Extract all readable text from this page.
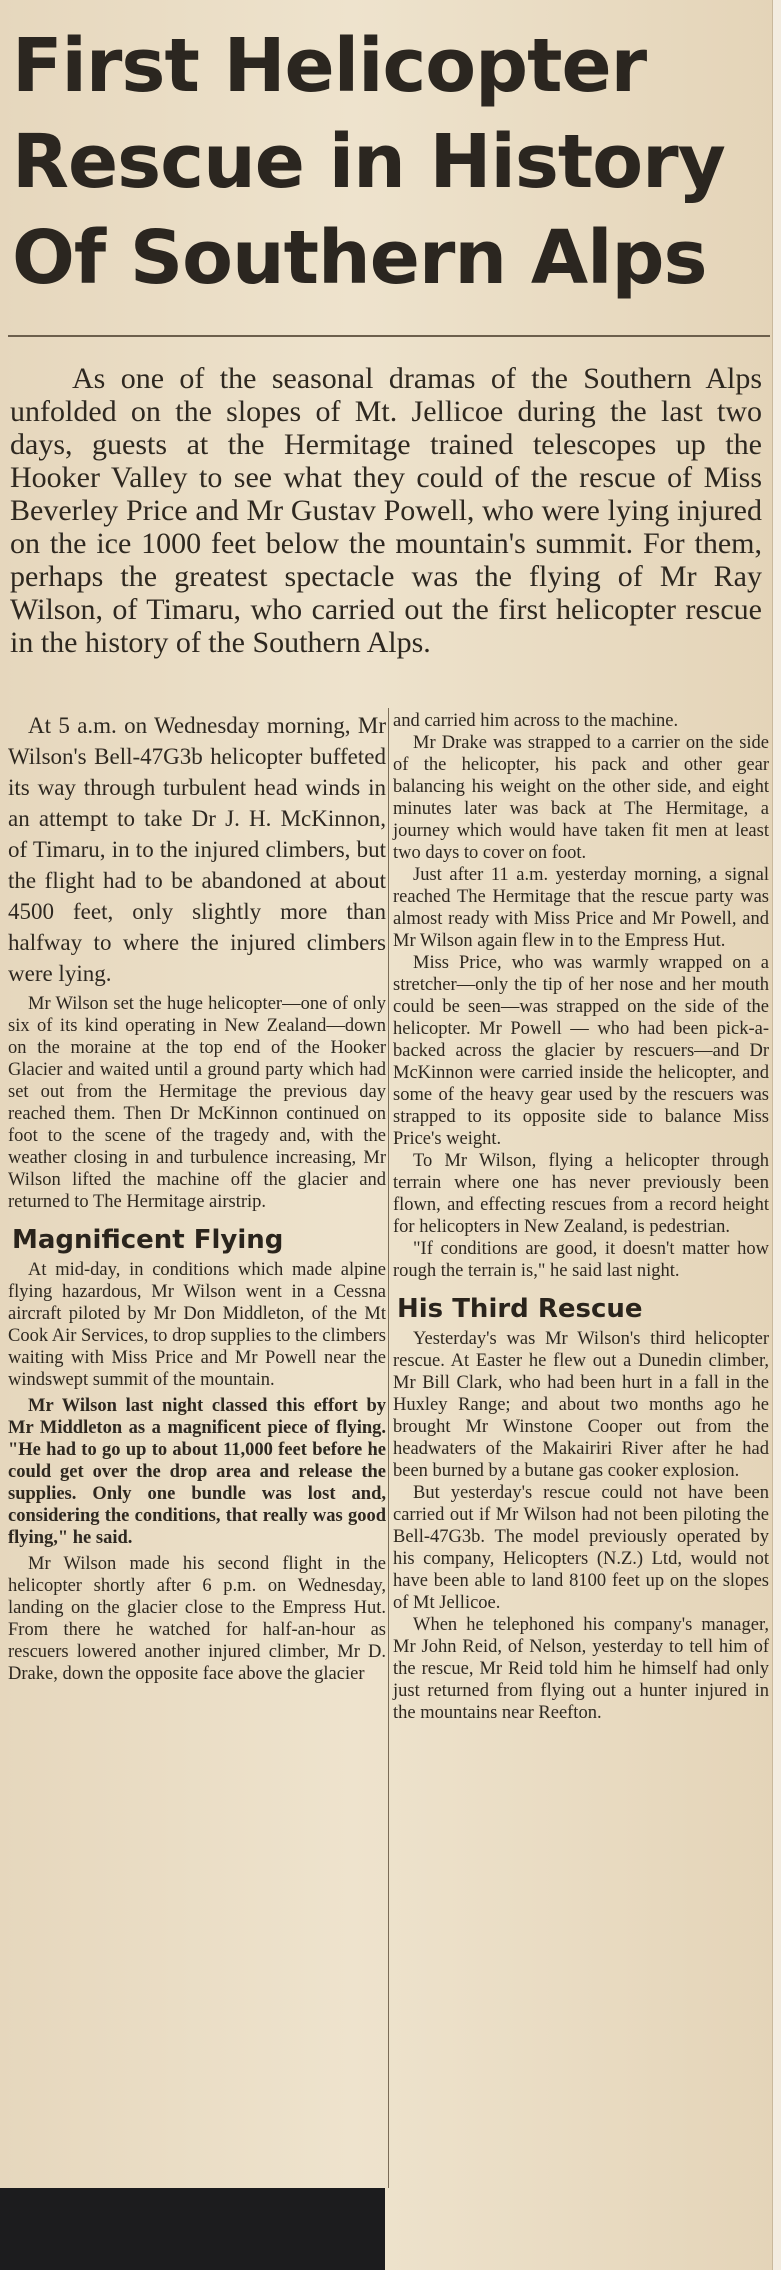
First Helicopter
Rescue in History
Of Southern Alps
As one of the seasonal dramas of the Southern Alps unfolded on the slopes of Mt. Jellicoe during the last two days, guests at the Hermitage trained telescopes up the Hooker Valley to see what they could of the rescue of Miss Beverley Price and Mr Gustav Powell, who were lying injured on the ice 1000 feet below the mountain's summit. For them, perhaps the greatest spectacle was the flying of Mr Ray Wilson, of Timaru, who carried out the first helicopter rescue in the history of the Southern Alps.

At 5 a.m. on Wednesday morning, Mr Wilson's Bell-47G3b helicopter buffeted its way through turbulent head winds in an attempt to take Dr J. H. McKinnon, of Timaru, in to the injured climbers, but the flight had to be abandoned at about 4500 feet, only slightly more than halfway to where the injured climbers were lying.

Mr Wilson set the huge helicopter—one of only six of its kind operating in New Zealand—down on the moraine at the top end of the Hooker Glacier and waited until a ground party which had set out from the Hermitage the previous day reached them. Then Dr McKinnon continued on foot to the scene of the tragedy and, with the weather closing in and turbulence increasing, Mr Wilson lifted the machine off the glacier and returned to The Hermitage airstrip.

Magnificent Flying

At mid-day, in conditions which made alpine flying hazardous, Mr Wilson went in a Cessna aircraft piloted by Mr Don Middleton, of the Mt Cook Air Services, to drop supplies to the climbers waiting with Miss Price and Mr Powell near the windswept summit of the mountain.

Mr Wilson last night classed this effort by Mr Middleton as a magnificent piece of flying. "He had to go up to about 11,000 feet before he could get over the drop area and release the supplies. Only one bundle was lost and, considering the conditions, that really was good flying," he said.

Mr Wilson made his second flight in the helicopter shortly after 6 p.m. on Wednesday, landing on the glacier close to the Empress Hut. From there he watched for half-an-hour as rescuers lowered another injured climber, Mr D. Drake, down the opposite face above the glacier

and carried him across to the machine.

Mr Drake was strapped to a carrier on the side of the helicopter, his pack and other gear balancing his weight on the other side, and eight minutes later was back at The Hermitage, a journey which would have taken fit men at least two days to cover on foot.

Just after 11 a.m. yesterday morning, a signal reached The Hermitage that the rescue party was almost ready with Miss Price and Mr Powell, and Mr Wilson again flew in to the Empress Hut.

Miss Price, who was warmly wrapped on a stretcher—only the tip of her nose and her mouth could be seen—was strapped on the side of the helicopter. Mr Powell — who had been pick-a-backed across the glacier by rescuers—and Dr McKinnon were carried inside the helicopter, and some of the heavy gear used by the rescuers was strapped to its opposite side to balance Miss Price's weight.

To Mr Wilson, flying a helicopter through terrain where one has never previously been flown, and effecting rescues from a record height for helicopters in New Zealand, is pedestrian.

"If conditions are good, it doesn't matter how rough the terrain is," he said last night.

His Third Rescue

Yesterday's was Mr Wilson's third helicopter rescue. At Easter he flew out a Dunedin climber, Mr Bill Clark, who had been hurt in a fall in the Huxley Range; and about two months ago he brought Mr Winstone Cooper out from the headwaters of the Makairiri River after he had been burned by a butane gas cooker explosion.

But yesterday's rescue could not have been carried out if Mr Wilson had not been piloting the Bell-47G3b. The model previously operated by his company, Helicopters (N.Z.) Ltd, would not have been able to land 8100 feet up on the slopes of Mt Jellicoe.

When he telephoned his company's manager, Mr John Reid, of Nelson, yesterday to tell him of the rescue, Mr Reid told him he himself had only just returned from flying out a hunter injured in the mountains near Reefton.
